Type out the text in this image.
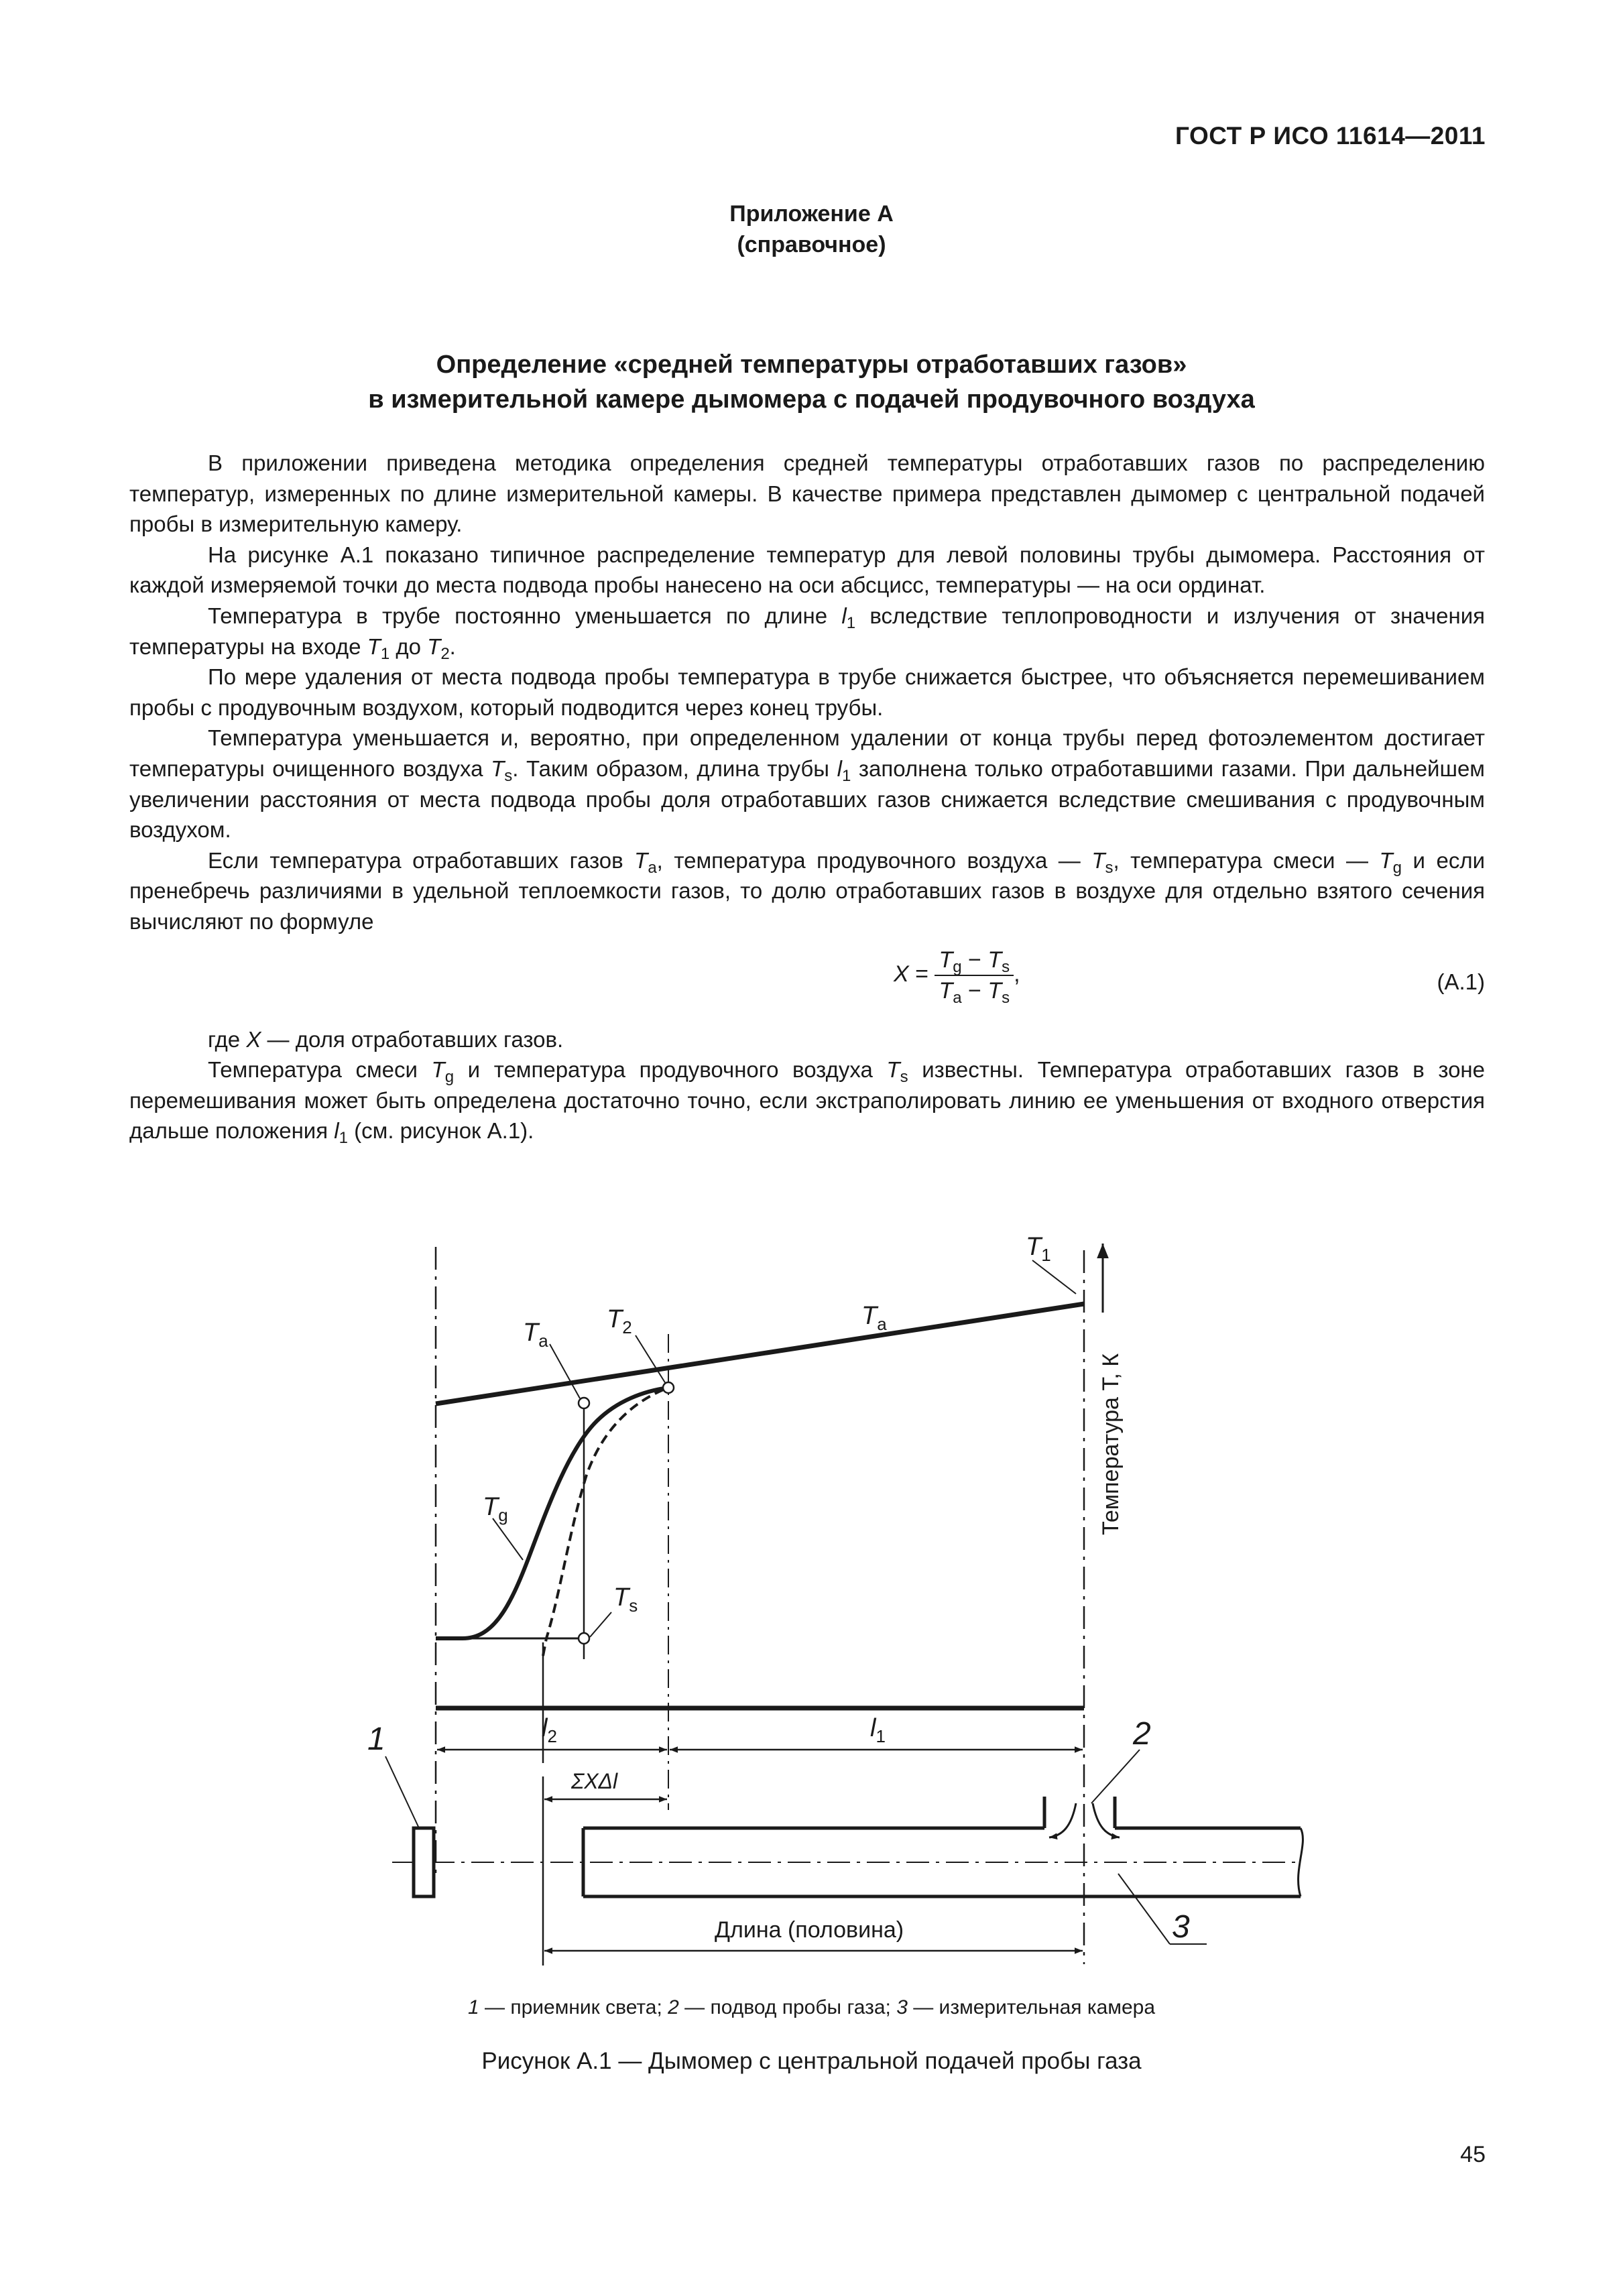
ГОСТ Р ИСО 11614—2011
Приложение А
(справочное)
Определение «средней температуры отработавших газов»
в измерительной камере дымомера с подачей продувочного воздуха

В приложении приведена методика определения средней температуры отработавших газов по распределению температур, измеренных по длине измерительной камеры. В качестве примера представлен дымомер с центральной подачей пробы в измерительную камеру.

На рисунке А.1 показано типичное распределение температур для левой половины трубы дымомера. Расстояния от каждой измеряемой точки до места подвода пробы нанесено на оси абсцисс, температуры — на оси ординат.

Температура в трубе постоянно уменьшается по длине $l_1$ вследствие теплопроводности и излучения от значения температуры на входе $T_1$ до $T_2$.

По мере удаления от места подвода пробы температура в трубе снижается быстрее, что объясняется перемешиванием пробы с продувочным воздухом, который подводится через конец трубы.

Температура уменьшается и, вероятно, при определенном удалении от конца трубы перед фотоэлементом достигает температуры очищенного воздуха $T_s$. Таким образом, длина трубы $l_1$ заполнена только отработавшими газами. При дальнейшем увеличении расстояния от места подвода пробы доля отработавших газов снижается вследствие смешивания с продувочным воздухом.

Если температура отработавших газов $T_a$, температура продувочного воздуха — $T_s$, температура смеси — $T_g$ и если пренебречь различиями в удельной теплоемкости газов, то долю отработавших газов в воздухе для отдельно взятого сечения вычисляют по формуле

$X = \frac{T_g - T_s}{T_a - T_s}$ ,	(А.1)

где X — доля отработавших газов.

Температура смеси $T_g$ и температура продувочного воздуха $T_s$ известны. Температура отработавших газов в зоне перемешивания может быть определена достаточно точно, если экстраполировать линию ее уменьшения от входного отверстия дальше положения $l_1$ (см. рисунок А.1).

$T_1$
$T_a$
$T_a$
$T_2$
$T_g$
$T_s$
$l_2$	$l_1$
ΣXΔl
1	2
3
Длина (половина)
Температура T, К
1 — приемник света; 2 — подвод пробы газа; 3 — измерительная камера
Рисунок А.1 — Дымомер с центральной подачей пробы газа
45
